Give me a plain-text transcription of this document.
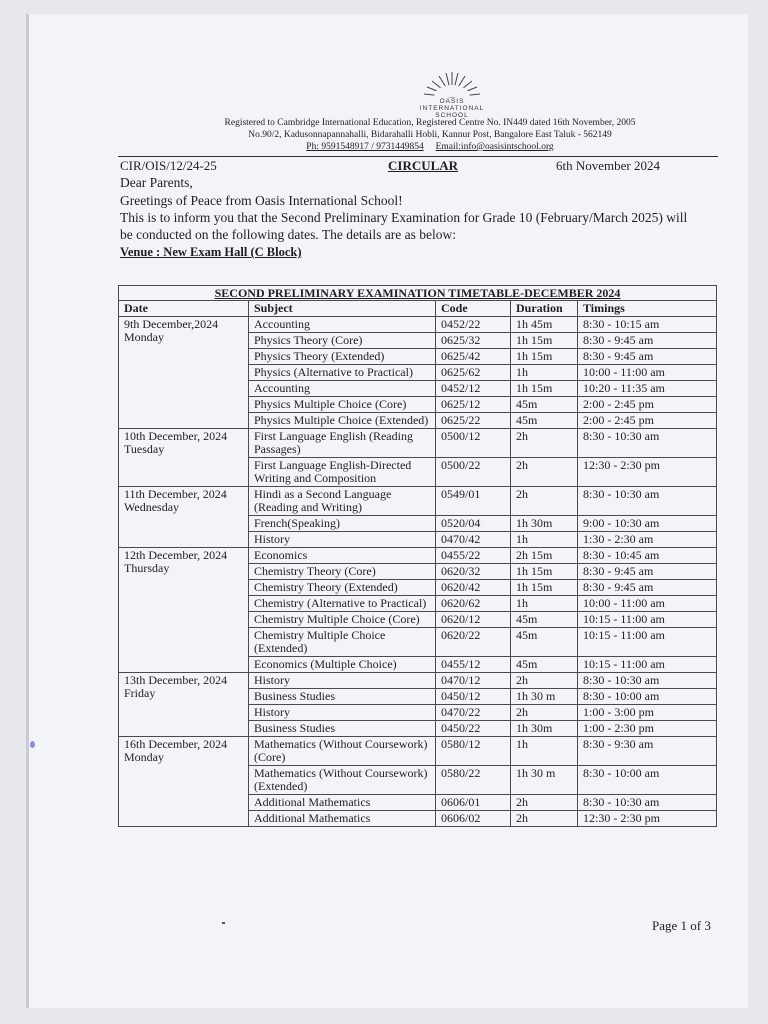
OASIS
INTERNATIONAL
SCHOOL
Registered to Cambridge International Education, Registered Centre No. IN449 dated 16th November, 2005
No.90/2, Kadusonnapannahalli, Bidarahalli Hobli, Kannur Post, Bangalore East Taluk - 562149
Ph: 9591548917 / 9731449854 Email:info@oasisintschool.org
CIR/OIS/12/24-25	CIRCULAR	6th November 2024
Dear Parents,
Greetings of Peace from Oasis International School!
This is to inform you that the Second Preliminary Examination for Grade 10 (February/March 2025) will
be conducted on the following dates. The details are as below:
Venue : New Exam Hall (C Block)
SECOND PRELIMINARY EXAMINATION TIMETABLE-DECEMBER 2024				
Date	Subject	Code	Duration	Timings

9th December,2024
Monday	Accounting	0452/22	1h 45m	8:30 - 10:15 am
	Physics Theory (Core)	0625/32	1h 15m	8:30 - 9:45 am
	Physics Theory (Extended)	0625/42	1h 15m	8:30 - 9:45 am
	Physics (Alternative to Practical)	0625/62	1h	10:00 - 11:00 am
	Accounting	0452/12	1h 15m	10:20 - 11:35 am
	Physics Multiple Choice (Core)	0625/12	45m	2:00 - 2:45 pm
	Physics Multiple Choice (Extended)	0625/22	45m	2:00 - 2:45 pm

10th December, 2024
Tuesday	First Language English (Reading Passages)	0500/12	2h	8:30 - 10:30 am
	First Language English-Directed Writing and Composition	0500/22	2h	12:30 - 2:30 pm

11th December, 2024
Wednesday	Hindi as a Second Language (Reading and Writing)	0549/01	2h	8:30 - 10:30 am
	French(Speaking)	0520/04	1h 30m	9:00 - 10:30 am
	History	0470/42	1h	1:30 - 2:30 am

12th December, 2024
Thursday	Economics	0455/22	2h 15m	8:30 - 10:45 am
	Chemistry Theory (Core)	0620/32	1h 15m	8:30 - 9:45 am
	Chemistry Theory (Extended)	0620/42	1h 15m	8:30 - 9:45 am
	Chemistry (Alternative to Practical)	0620/62	1h	10:00 - 11:00 am
	Chemistry Multiple Choice (Core)	0620/12	45m	10:15 - 11:00 am
	Chemistry Multiple Choice (Extended)	0620/22	45m	10:15 - 11:00 am
	Economics (Multiple Choice)	0455/12	45m	10:15 - 11:00 am

13th December, 2024
Friday	History	0470/12	2h	8:30 - 10:30 am
	Business Studies	0450/12	1h 30 m	8:30 - 10:00 am
	History	0470/22	2h	1:00 - 3:00 pm
	Business Studies	0450/22	1h 30m	1:00 - 2:30 pm

16th December, 2024
Monday	Mathematics (Without Coursework) (Core)	0580/12	1h	8:30 - 9:30 am
	Mathematics (Without Coursework) (Extended)	0580/22	1h 30 m	8:30 - 10:00 am
	Additional Mathematics	0606/01	2h	8:30 - 10:30 am
	Additional Mathematics	0606/02	2h	12:30 - 2:30 pm
Page 1 of 3
